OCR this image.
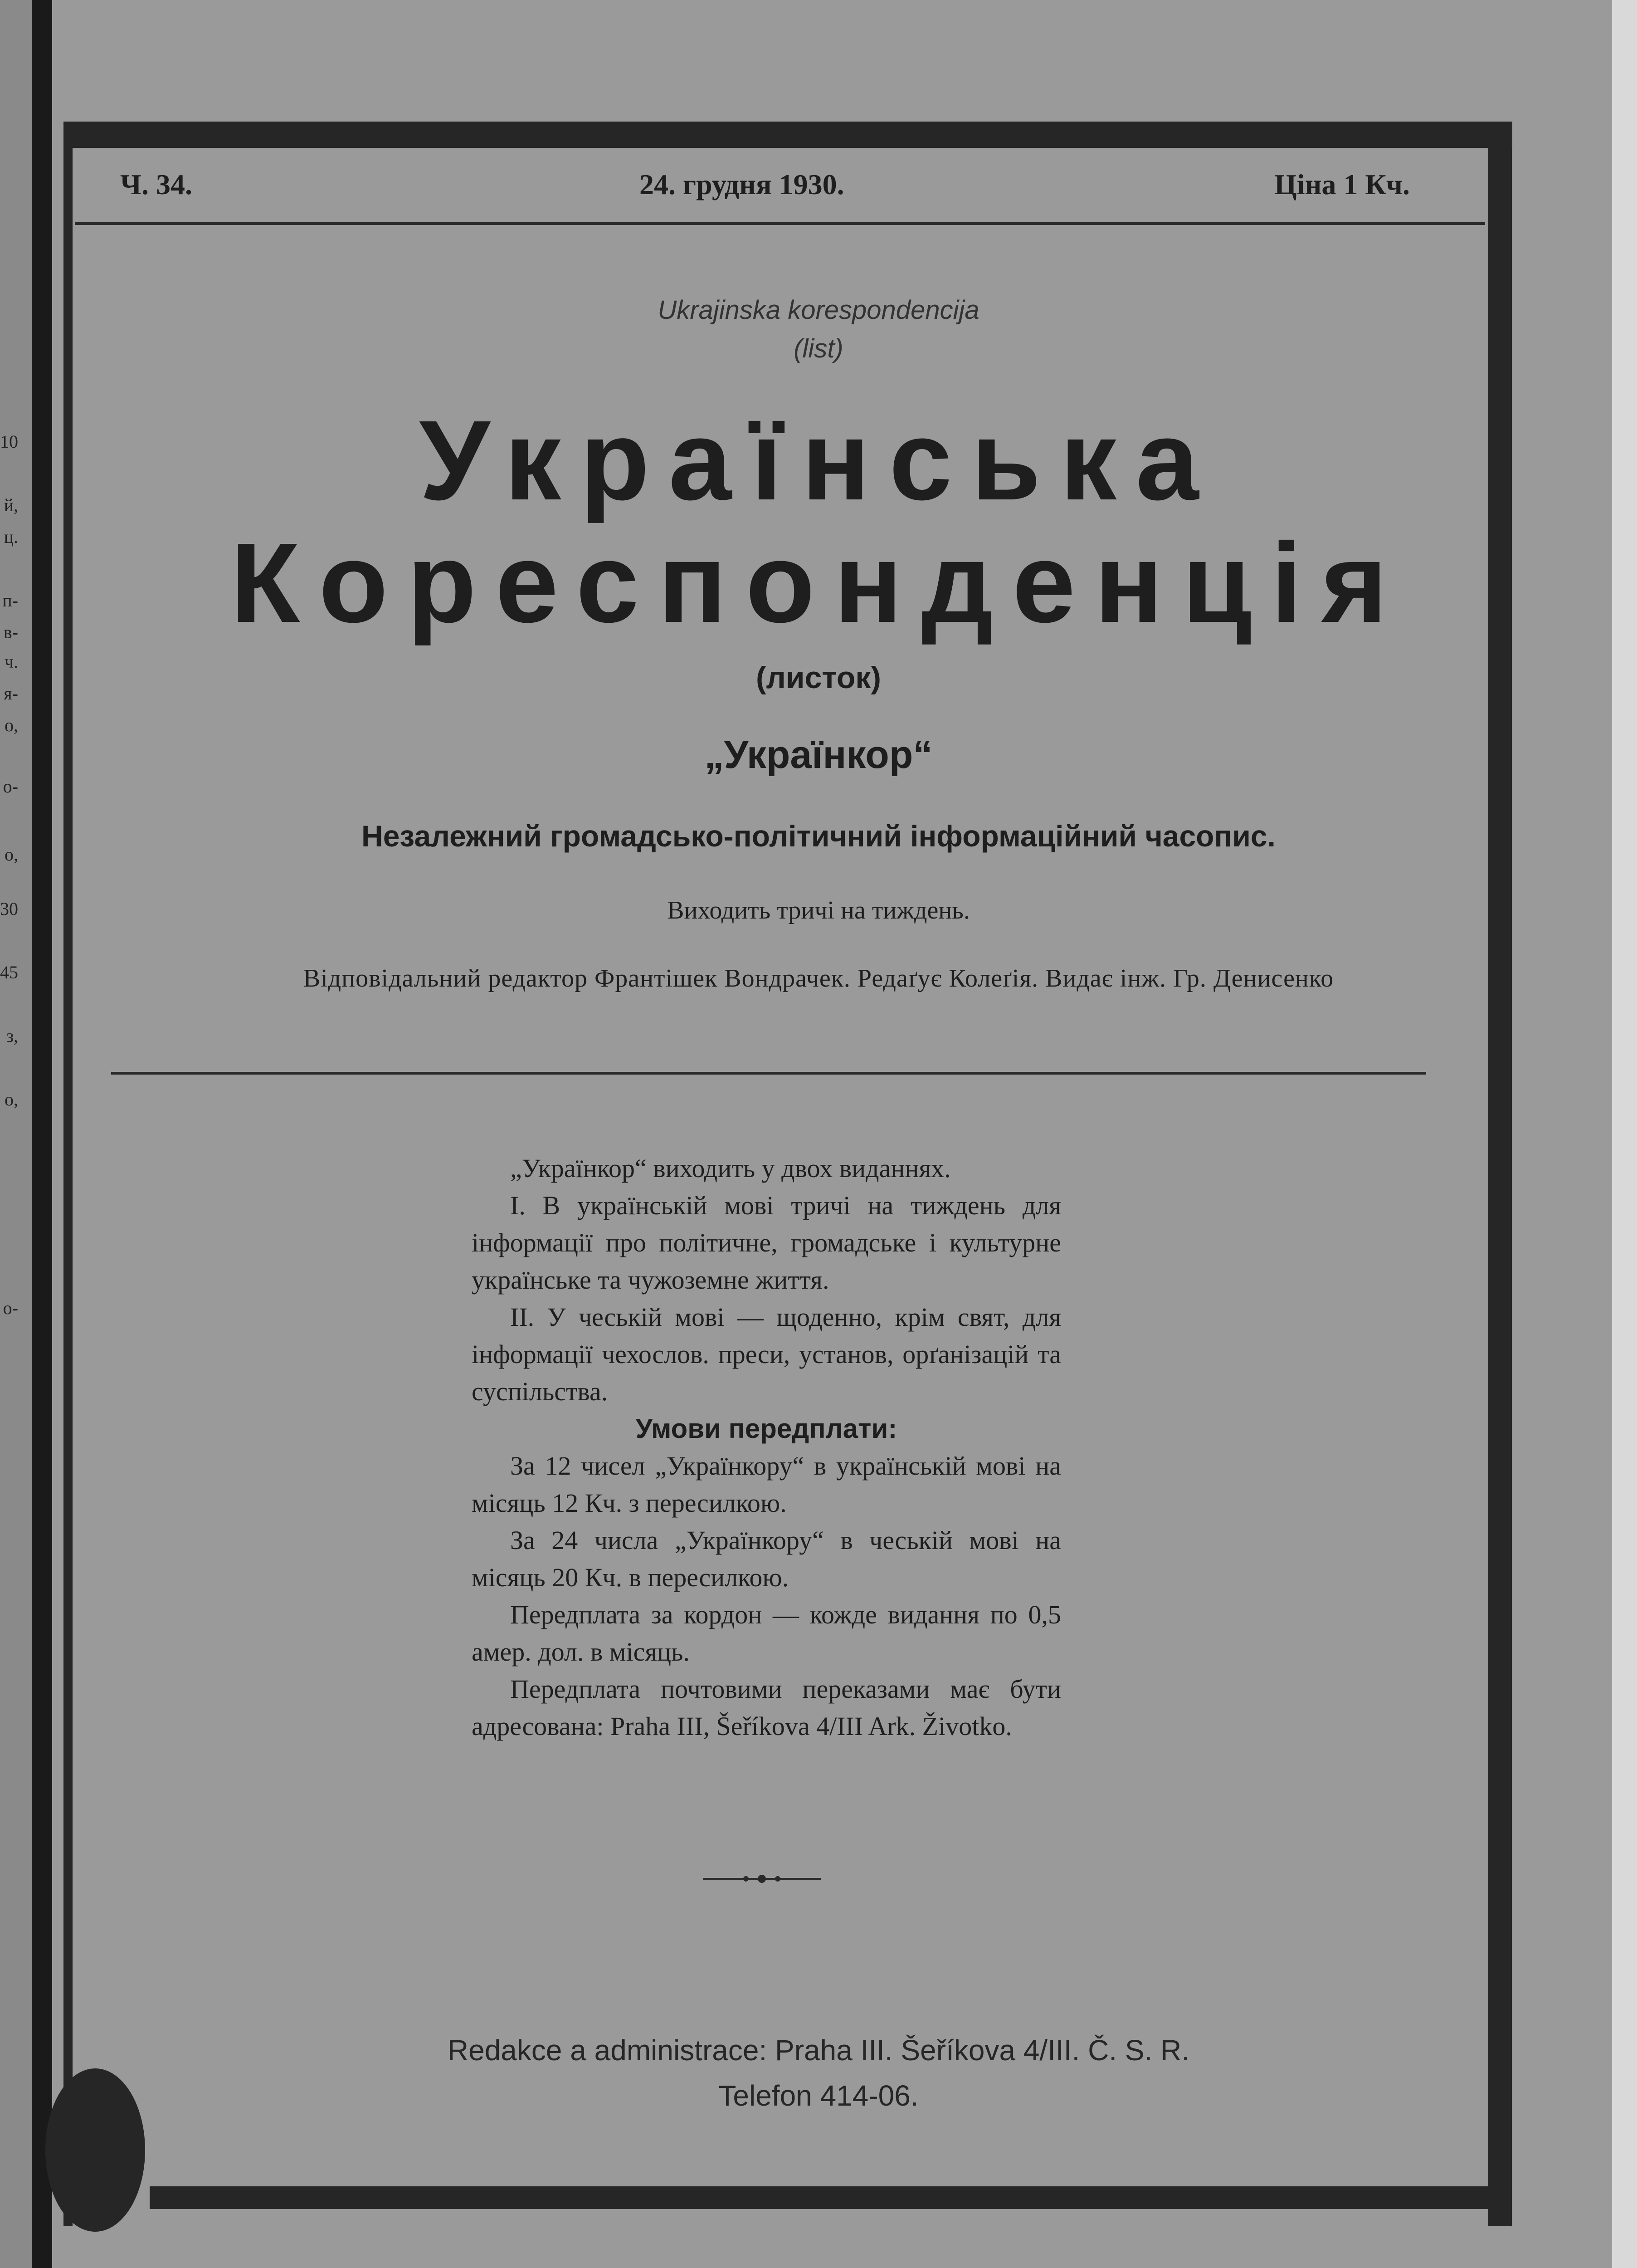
10
й,
ц.
п-
в-
ч.
я-
о,
о-
о,
30
45
з,
о,
о-
Ч. 34.	24. грудня 1930.	Ціна 1 Кч.
Ukrajinska korespondencija
(list)
Українська
Кореспонденція
(листок)
„Українкор“
Незалежний громадсько-політичний інформаційний часопис.
Виходить тричі на тиждень.
Відповідальний редактор Франтішек Вондрачек. Редаґує Колеґія. Видає інж. Гр. Денисенко

„Українкор“ виходить у двох виданнях.

I. В українській мові тричі на тиждень для інформації про політичне, громадське і культурне українське та чужоземне життя.

II. У чеській мові — щоденно, крім свят, для інформації чехослов. преси, установ, орґанізацій та суспільства.

Умови передплати:

За 12 чисел „Українкору“ в українській мові на місяць 12 Кч. з пересилкою.

За 24 числа „Українкору“ в чеській мові на місяць 20 Кч. в пересилкою.

Передплата за кордон — кожде видання по 0,5 амер. дол. в місяць.

Передплата почтовими переказами має бути адресована: Praha III, Šeříkova 4/III Ark. Životko.

Redakce a administrace: Praha III. Šeříkova 4/III. Č. S. R.
Telefon 414-06.
